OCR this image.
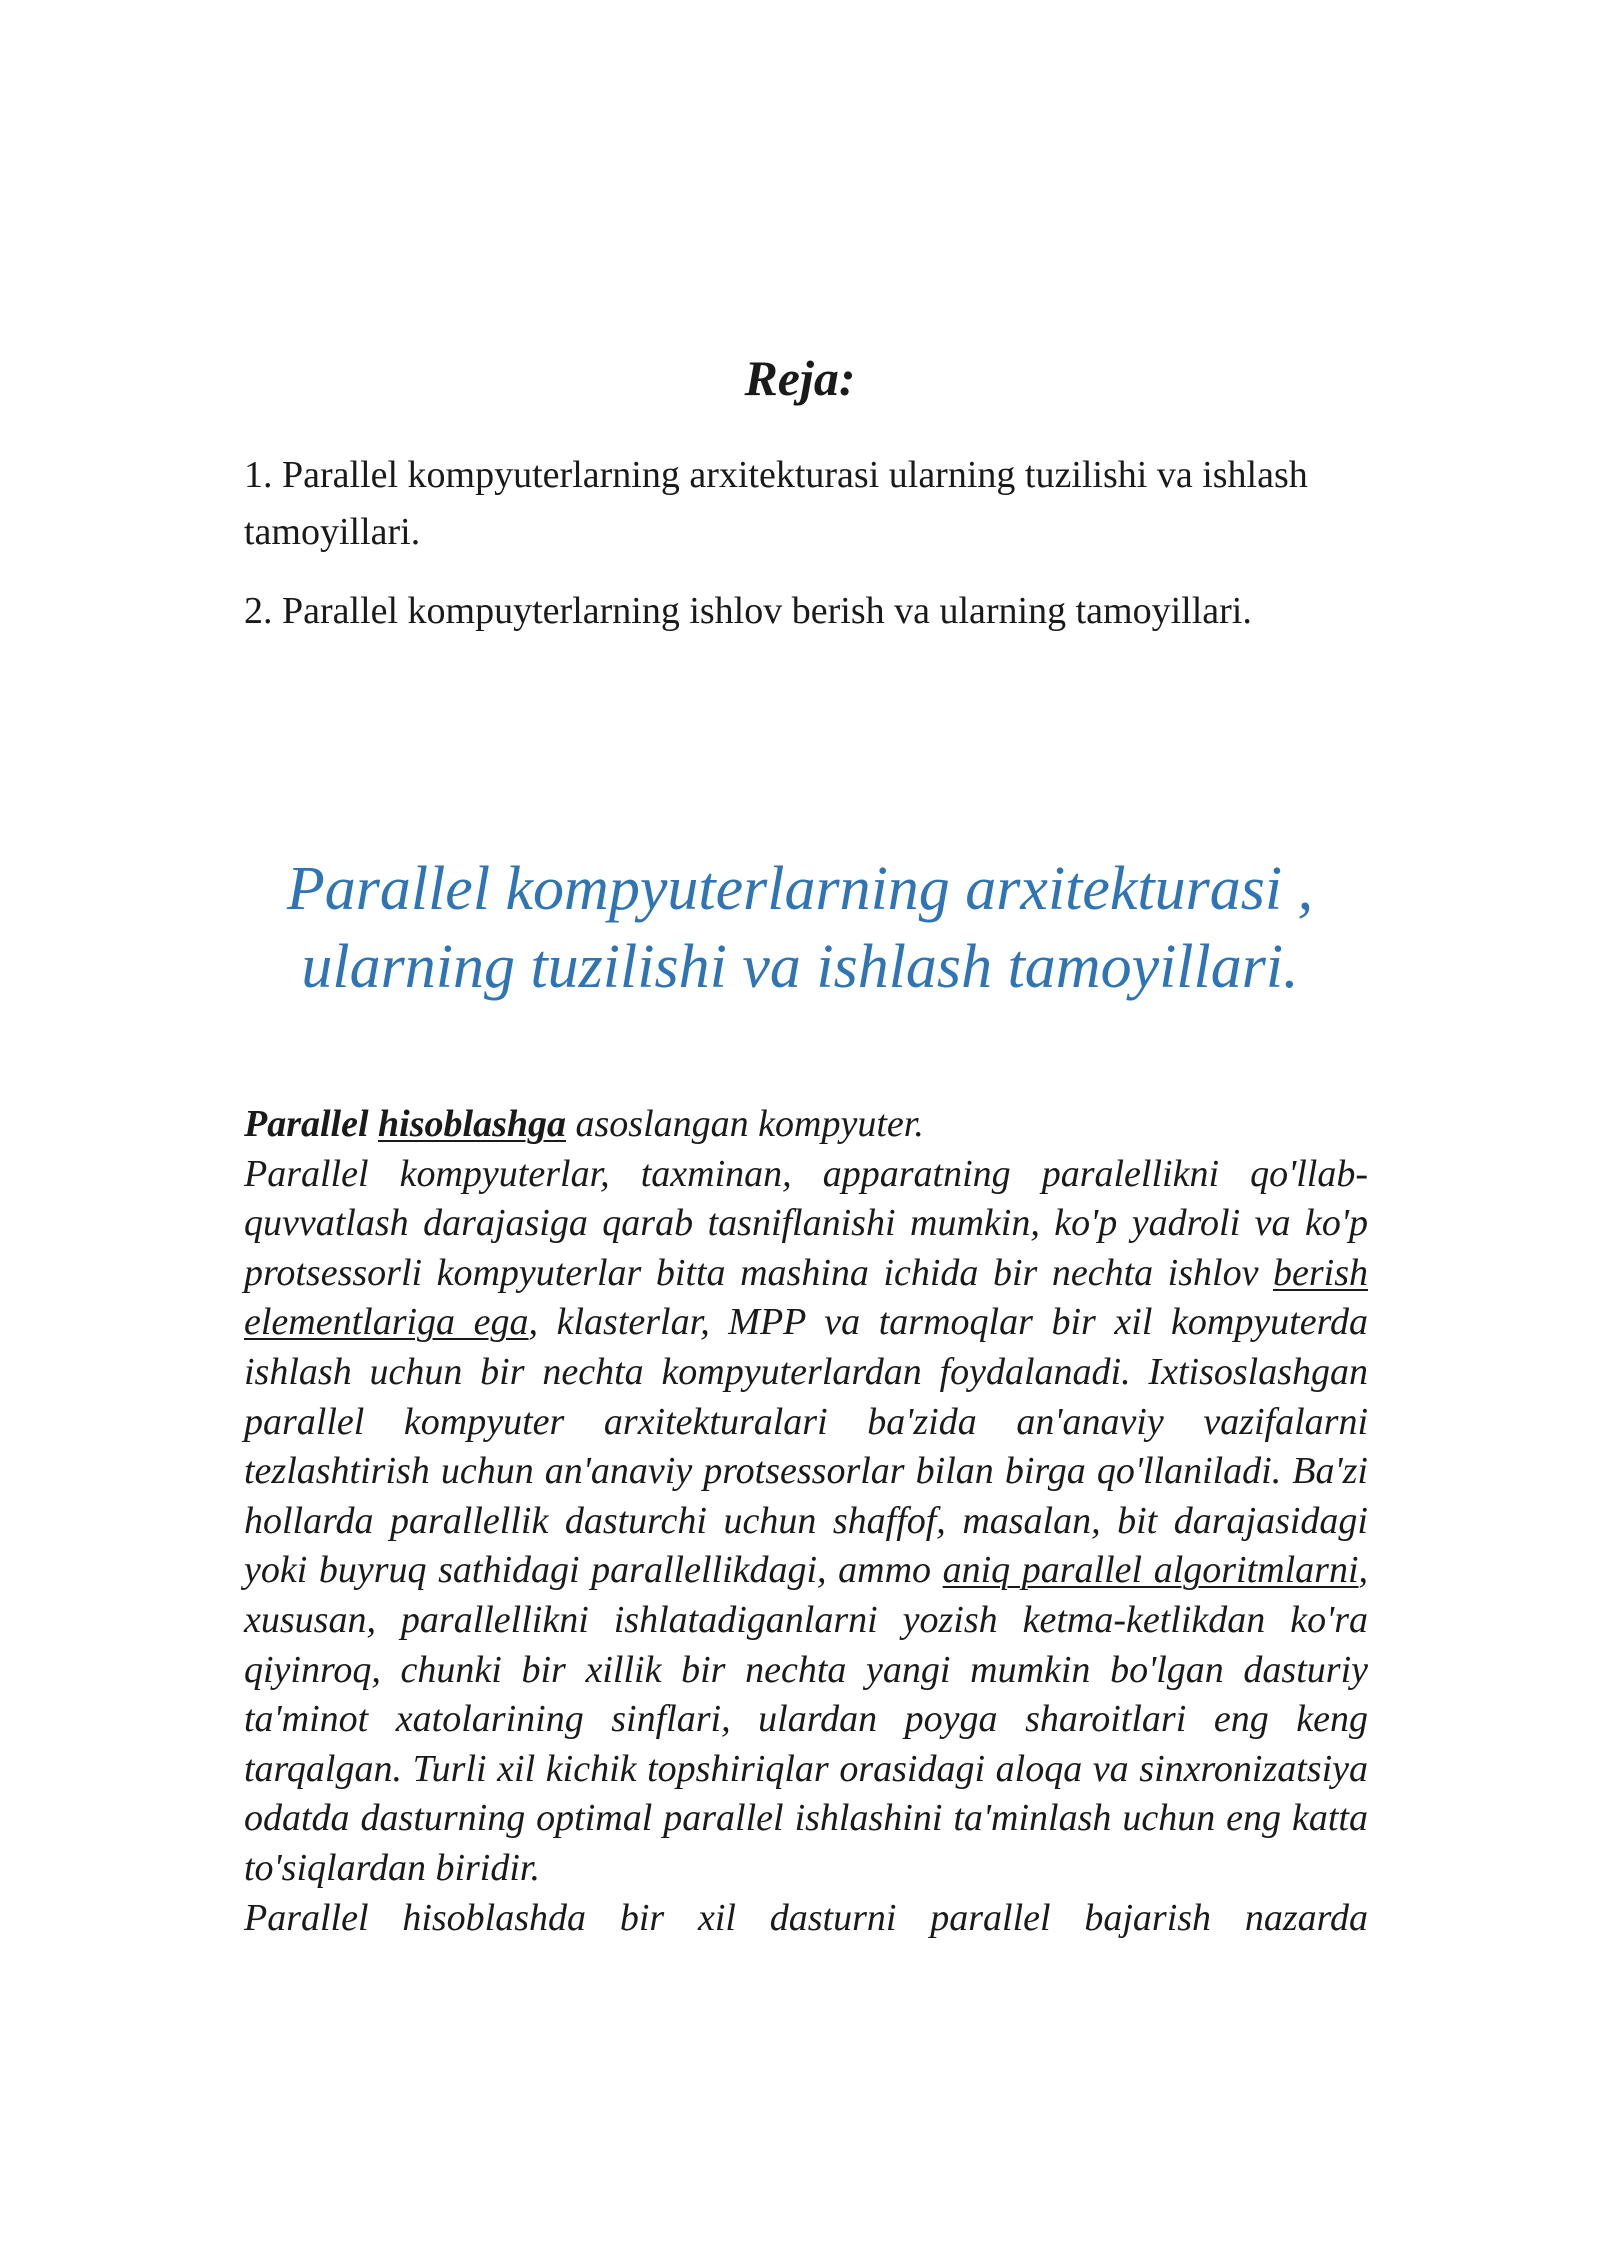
Reja:
1. Parallel kompyuterlarning arxitekturasi ularning tuzilishi va ishlash tamoyillari.
2. Parallel kompuyterlarning ishlov berish va ularning tamoyillari.
Parallel kompyuterlarning arxitekturasi ,
ularning tuzilishi va ishlash tamoyillari.

Parallel hisoblashga asoslangan kompyuter.

Parallel kompyuterlar, taxminan, apparatning paralellikni qo'llab-quvvatlash darajasiga qarab tasniflanishi mumkin, ko'p yadroli va ko'p protsessorli kompyuterlar bitta mashina ichida bir nechta ishlov berish elementlariga ega, klasterlar, MPP va tarmoqlar bir xil kompyuterda ishlash uchun bir nechta kompyuterlardan foydalanadi. Ixtisoslashgan parallel kompyuter arxitekturalari ba'zida an'anaviy vazifalarni tezlashtirish uchun an'anaviy protsessorlar bilan birga qo'llaniladi. Ba'zi hollarda parallellik dasturchi uchun shaffof, masalan, bit darajasidagi yoki buyruq sathidagi parallellikdagi, ammo aniq parallel algoritmlarni, xususan, parallellikni ishlatadiganlarni yozish ketma-ketlikdan ko'ra qiyinroq, chunki bir xillik bir nechta yangi mumkin bo'lgan dasturiy ta'minot xatolarining sinflari, ulardan poyga sharoitlari eng keng tarqalgan. Turli xil kichik topshiriqlar orasidagi aloqa va sinxronizatsiya odatda dasturning optimal parallel ishlashini ta'minlash uchun eng katta to'siqlardan biridir.

Parallel hisoblashda bir xil dasturni parallel bajarish nazarda
